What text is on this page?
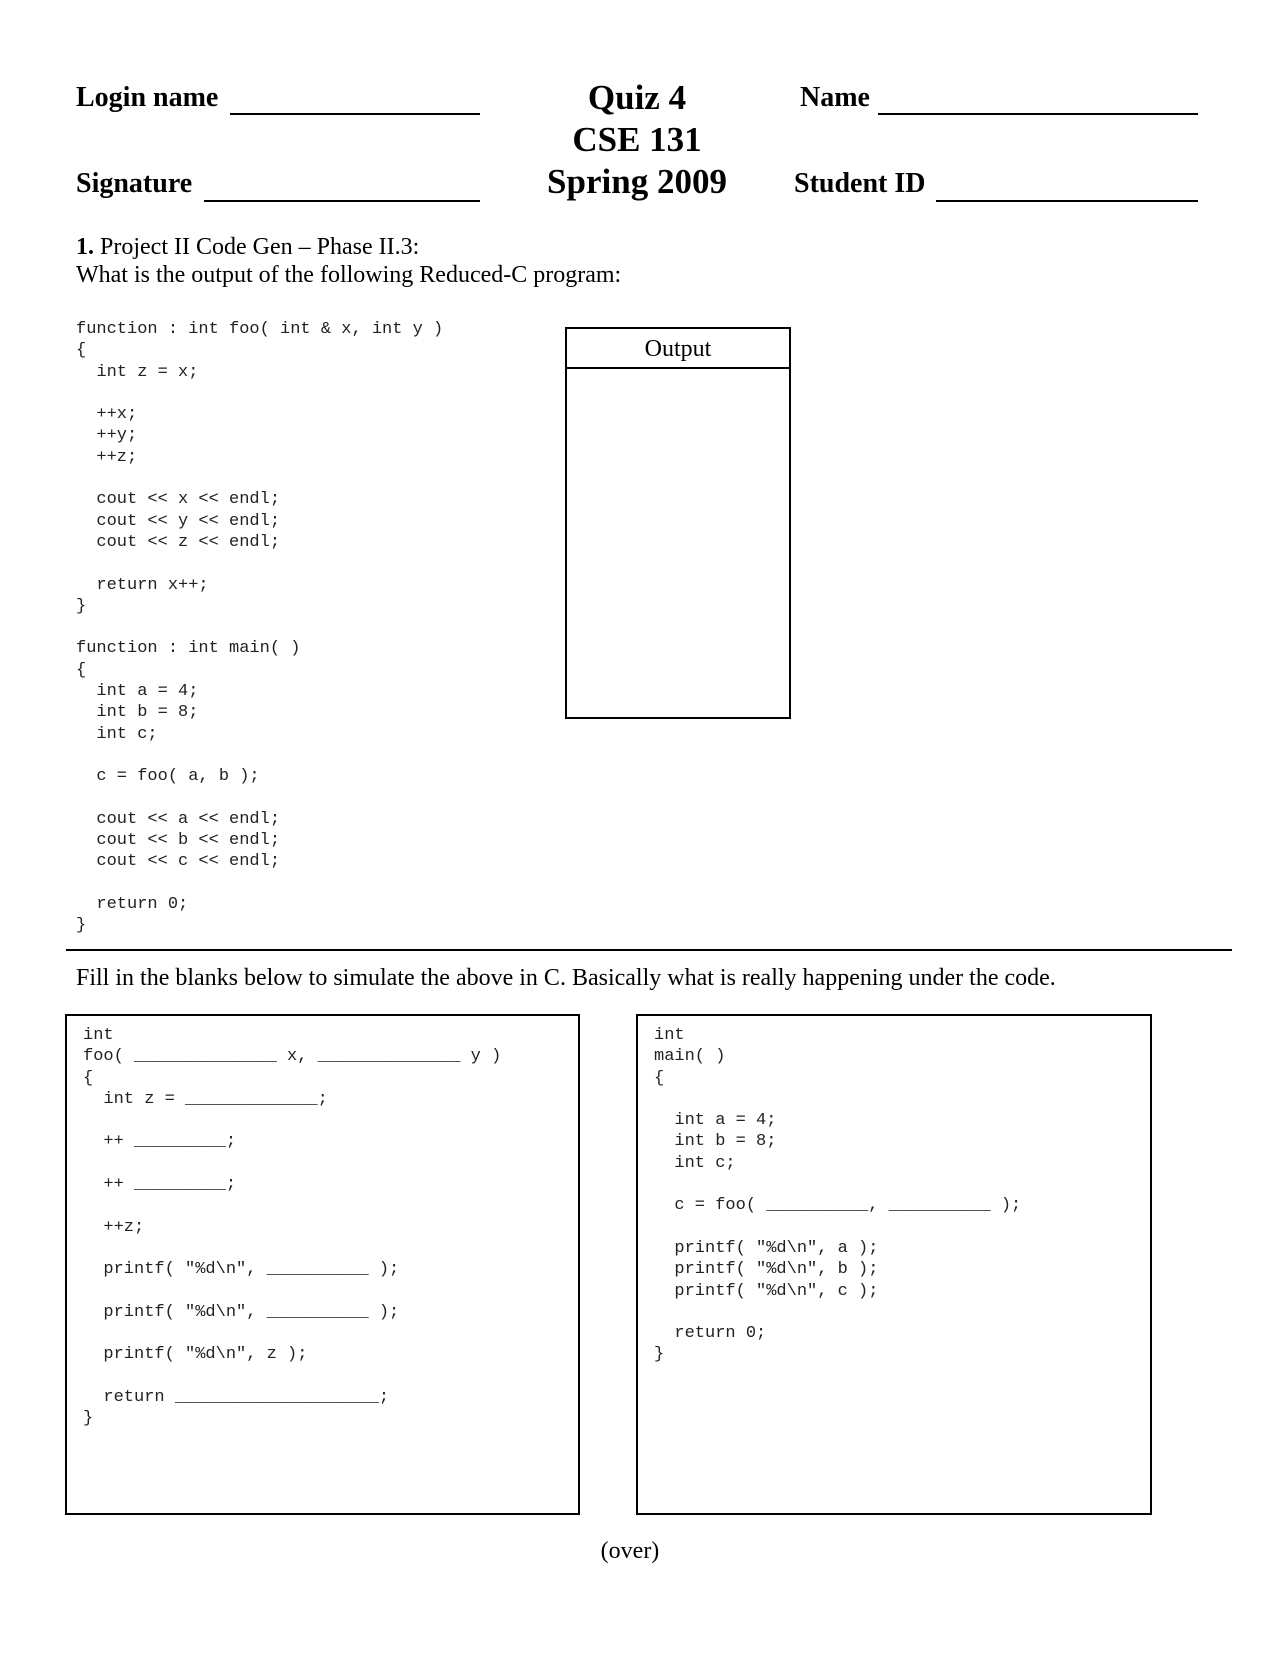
Login name
Signature
Quiz 4
CSE 131
Spring 2009
Name
Student ID
1. Project II Code Gen – Phase II.3:
What is the output of the following Reduced-C program:
function : int foo( int & x, int y )
{
int z = x;

++x;
++y;
++z;

cout << x << endl;
cout << y << endl;
cout << z << endl;

return x++;
}

function : int main( )
{
int a = 4;
int b = 8;
int c;

c = foo( a, b );

cout << a << endl;
cout << b << endl;
cout << c << endl;

return 0;
}
Output
Fill in the blanks below to simulate the above in C. Basically what is really happening under the code.
int
foo( ______________ x, ______________ y )
{
int z = _____________;

++ _________;

++ _________;

++z;

printf( "%d\n", __________ );

printf( "%d\n", __________ );

printf( "%d\n", z );

return ____________________;
}
int
main( )
{

int a = 4;
int b = 8;
int c;

c = foo( __________, __________ );

printf( "%d\n", a );
printf( "%d\n", b );
printf( "%d\n", c );

return 0;
}
(over)
